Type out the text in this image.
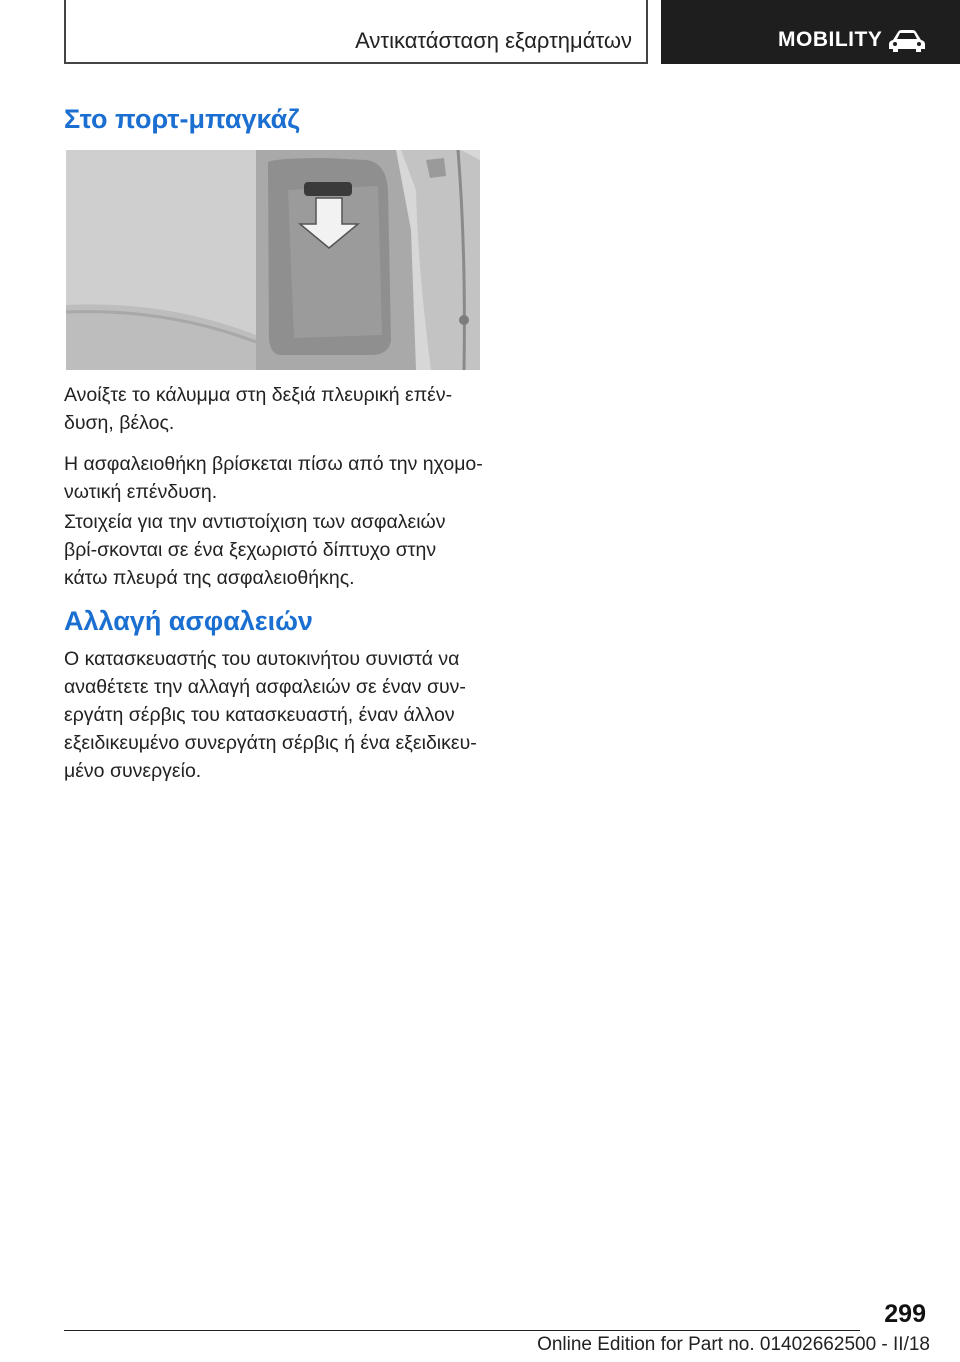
Αντικατάσταση εξαρτημάτων	MOBILITY
Στο πορτ-μπαγκάζ

Ανοίξτε το κάλυμμα στη δεξιά πλευρική επέν-δυση, βέλος.

Η ασφαλειοθήκη βρίσκεται πίσω από την ηχομο-νωτική επένδυση.

Στοιχεία για την αντιστοίχιση των ασφαλειών βρί-σκονται σε ένα ξεχωριστό δίπτυχο στην κάτω πλευρά της ασφαλειοθήκης.

Αλλαγή ασφαλειών

Ο κατασκευαστής του αυτοκινήτου συνιστά να αναθέτετε την αλλαγή ασφαλειών σε έναν συν-εργάτη σέρβις του κατασκευαστή, έναν άλλον εξειδικευμένο συνεργάτη σέρβις ή ένα εξειδικευ-μένο συνεργείο.

299
Online Edition for Part no. 01402662500 - II/18
